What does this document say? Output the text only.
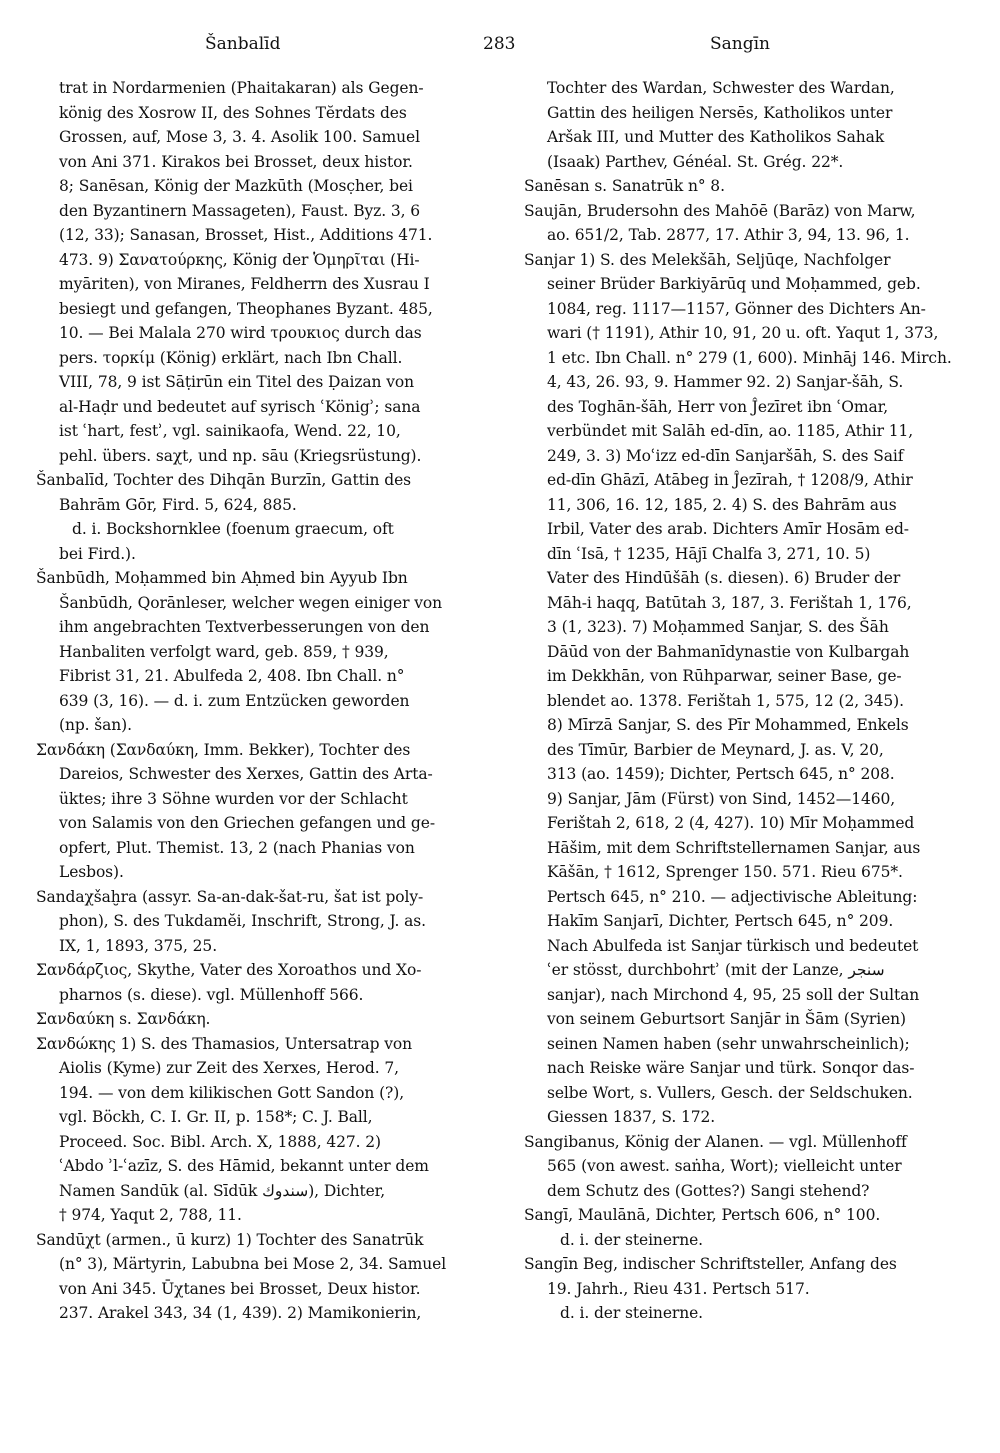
Šanbalīd	283	Sangīn
trat in Nordarmenien (Phaitakaran) als Gegen-
könig des Xosrow II, des Sohnes Tĕrdats des
Grossen, auf, Mose 3, 3. 4. Asolik 100. Samuel
von Ani 371. Kirakos bei Brosset, deux histor.
8; Sanēsan, König der Mazkūth (Mosc̣her, bei
den Byzantinern Massageten), Faust. Byz. 3, 6
(12, 33); Sanasan, Brosset, Hist., Additions 471.
473. 9) Σανατούρκης, König der Ὁμηρῖται (Hi-
myāriten), von Miranes, Feldherrn des Xusrau I
besiegt und gefangen, Theophanes Byzant. 485,
10. — Bei Malala 270 wird τρουκιος durch das
pers. τορκίμ (König) erklärt, nach Ibn Chall.
VIII, 78, 9 ist Sāṭirūn ein Titel des Ḍaizan von
al-Haḍr und bedeutet auf syrisch ʿKönigʾ; sana
ist ʿhart, festʾ, vgl. sainikaofa, Wend. 22, 10,
pehl. übers. saχt, und np. sāu (Kriegsrüstung).
Šanbalīd, Tochter des Dihqān Burzīn, Gattin des
Bahrām Gōr, Fird. 5, 624, 885.
d. i. Bockshornklee (foenum graecum, oft
bei Fird.).
Šanbūdh, Moḥammed bin Aḥmed bin Ayyub Ibn
Šanbūdh, Qorānleser, welcher wegen einiger von
ihm angebrachten Textverbesserungen von den
Hanbaliten verfolgt ward, geb. 859, † 939,
Fibrist 31, 21. Abulfeda 2, 408. Ibn Chall. n°
639 (3, 16). — d. i. zum Entzücken geworden
(np. šan).
Σανδάκη (Σανδαύκη, Imm. Bekker), Tochter des
Dareios, Schwester des Xerxes, Gattin des Arta-
üktes; ihre 3 Söhne wurden vor der Schlacht
von Salamis von den Griechen gefangen und ge-
opfert, Plut. Themist. 13, 2 (nach Phanias von
Lesbos).
Sandaχšaḫra (assyr. Sa-an-dak-šat-ru, šat ist poly-
phon), S. des Tukdamĕi, Inschrift, Strong, J. as.
IX, 1, 1893, 375, 25.
Σανδάρζιος, Skythe, Vater des Xoroathos und Xo-
pharnos (s. diese). vgl. Müllenhoff 566.
Σανδαύκη s. Σανδάκη.
Σανδώκης 1) S. des Thamasios, Untersatrap von
Aiolis (Kyme) zur Zeit des Xerxes, Herod. 7,
194. — von dem kilikischen Gott Sandon (?),
vgl. Böckh, C. I. Gr. II, p. 158*; C. J. Ball,
Proceed. Soc. Bibl. Arch. X, 1888, 427. 2)
ʿAbdo ʾl-ʿazīz, S. des Hāmid, bekannt unter dem
Namen Sandūk (al. Sīdūk سندوك), Dichter,
† 974, Yaqut 2, 788, 11.
Sandūχt (armen., ū kurz) 1) Tochter des Sanatrūk
(n° 3), Märtyrin, Labubna bei Mose 2, 34. Samuel
von Ani 345. Ūχtanes bei Brosset, Deux histor.
237. Arakel 343, 34 (1, 439). 2) Mamikonierin,
Tochter des Wardan, Schwester des Wardan,
Gattin des heiligen Nersēs, Katholikos unter
Aršak III, und Mutter des Katholikos Sahak
(Isaak) Parthev, Généal. St. Grég. 22*.
Sanēsan s. Sanatrūk n° 8.
Saujān, Brudersohn des Mahōē (Barāz) von Marw,
ao. 651/2, Tab. 2877, 17. Athir 3, 94, 13. 96, 1.
Sanjar 1) S. des Melekšāh, Seljūqe, Nachfolger
seiner Brüder Barkiyārūq und Moḥammed, geb.
1084, reg. 1117—1157, Gönner des Dichters An-
wari († 1191), Athir 10, 91, 20 u. oft. Yaqut 1, 373,
1 etc. Ibn Chall. n° 279 (1, 600). Minhāj 146. Mirch.
4, 43, 26. 93, 9. Hammer 92. 2) Sanjar-šāh, S.
des Toghān-šāh, Herr von Ĵezīret ibn ʿOmar,
verbündet mit Salāh ed-dīn, ao. 1185, Athir 11,
249, 3. 3) Moʿizz ed-dīn Sanjaršāh, S. des Saif
ed-dīn Ghāzī, Atābeg in Ĵezīrah, † 1208/9, Athir
11, 306, 16. 12, 185, 2. 4) S. des Bahrām aus
Irbil, Vater des arab. Dichters Amīr Hosām ed-
dīn ʿIsā, † 1235, Hājī Chalfa 3, 271, 10. 5)
Vater des Hindūšāh (s. diesen). 6) Bruder der
Māh-i haqq, Batūtah 3, 187, 3. Ferištah 1, 176,
3 (1, 323). 7) Moḥammed Sanjar, S. des Šāh
Dāūd von der Bahmanīdynastie von Kulbargah
im Dekkhān, von Rūhparwar, seiner Base, ge-
blendet ao. 1378. Ferištah 1, 575, 12 (2, 345).
8) Mīrzā Sanjar, S. des Pīr Mohammed, Enkels
des Tīmūr, Barbier de Meynard, J. as. V, 20,
313 (ao. 1459); Dichter, Pertsch 645, n° 208.
9) Sanjar, Jām (Fürst) von Sind, 1452—1460,
Ferištah 2, 618, 2 (4, 427). 10) Mīr Moḥammed
Hāšim, mit dem Schriftstellernamen Sanjar, aus
Kāšān, † 1612, Sprenger 150. 571. Rieu 675*.
Pertsch 645, n° 210. — adjectivische Ableitung:
Hakīm Sanjarī, Dichter, Pertsch 645, n° 209.
Nach Abulfeda ist Sanjar türkisch und bedeutet
ʿer stösst, durchbohrtʾ (mit der Lanze, سنجر
sanjar), nach Mirchond 4, 95, 25 soll der Sultan
von seinem Geburtsort Sanjār in Šām (Syrien)
seinen Namen haben (sehr unwahrscheinlich);
nach Reiske wäre Sanjar und türk. Sonqor das-
selbe Wort, s. Vullers, Gesch. der Seldschuken.
Giessen 1837, S. 172.
Sangibanus, König der Alanen. — vgl. Müllenhoff
565 (von awest. saṅha, Wort); vielleicht unter
dem Schutz des (Gottes?) Sangi stehend?
Sangī, Maulānā, Dichter, Pertsch 606, n° 100.
d. i. der steinerne.
Sangīn Beg, indischer Schriftsteller, Anfang des
19. Jahrh., Rieu 431. Pertsch 517.
d. i. der steinerne.
